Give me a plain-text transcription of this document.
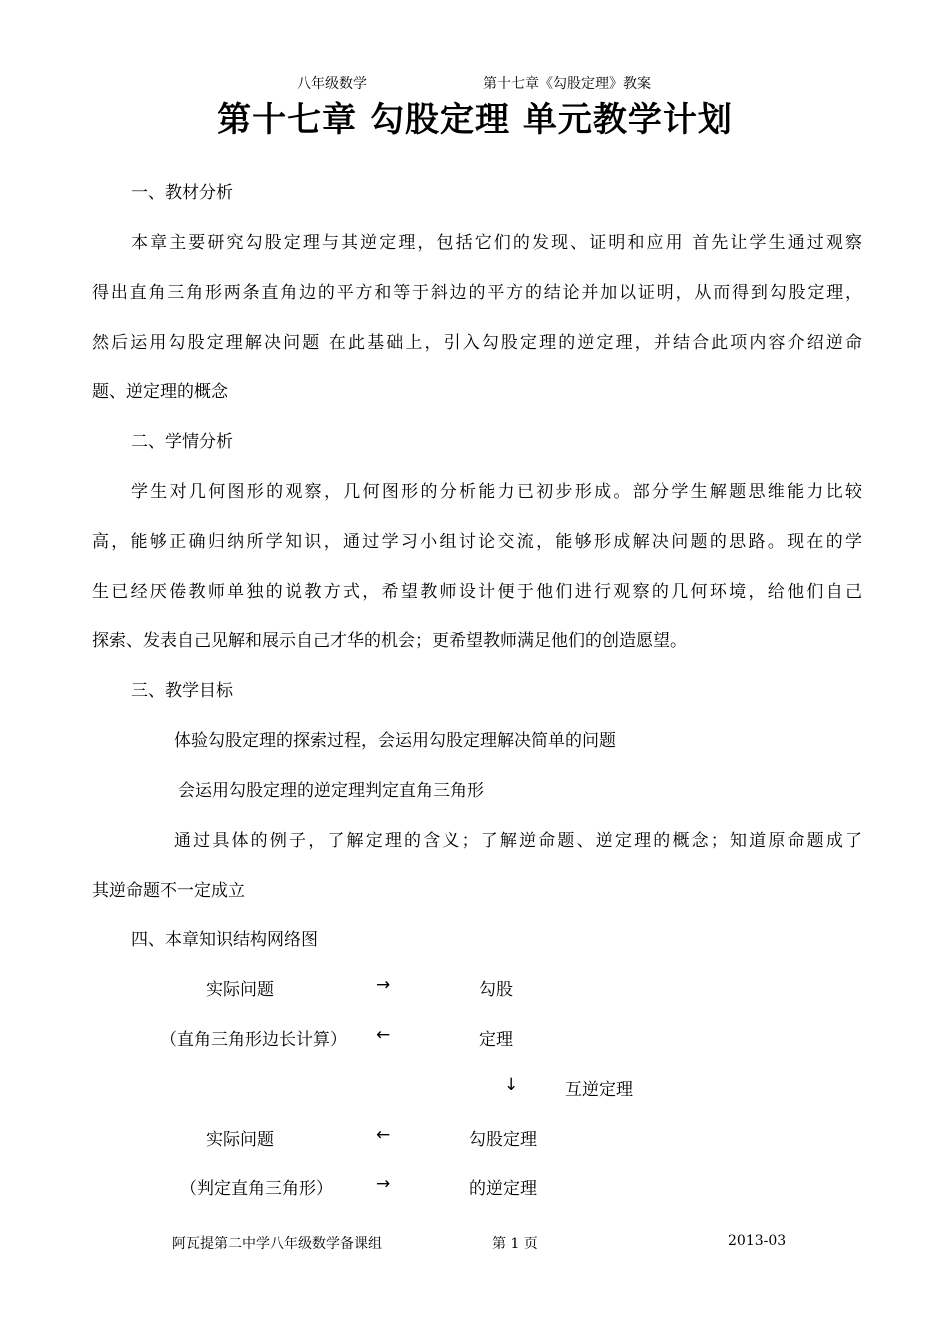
八年级数学	第十七章《勾股定理》教案
第十七章 勾股定理 单元教学计划
一、教材分析
本章主要研究勾股定理与其逆定理，包括它们的发现、证明和应用 首先让学生通过观察
得出直角三角形两条直角边的平方和等于斜边的平方的结论并加以证明，从而得到勾股定理，
然后运用勾股定理解决问题 在此基础上，引入勾股定理的逆定理，并结合此项内容介绍逆命
题、逆定理的概念
二、学情分析
学生对几何图形的观察，几何图形的分析能力已初步形成。部分学生解题思维能力比较
高，能够正确归纳所学知识，通过学习小组讨论交流，能够形成解决问题的思路。现在的学
生已经厌倦教师单独的说教方式，希望教师设计便于他们进行观察的几何环境，给他们自己
探索、发表自己见解和展示自己才华的机会；更希望教师满足他们的创造愿望。
三、教学目标
体验勾股定理的探索过程，会运用勾股定理解决简单的问题
会运用勾股定理的逆定理判定直角三角形
通过具体的例子，了解定理的含义；了解逆命题、逆定理的概念；知道原命题成了
其逆命题不一定成立
四、本章知识结构网络图
实际问题	→	勾股
（直角三角形边长计算） ←	定理
↓	互逆定理
实际问题	←	勾股定理
（判定直角三角形）	→	的逆定理
阿瓦提第二中学八年级数学备课组	第 1 页	2013-03
